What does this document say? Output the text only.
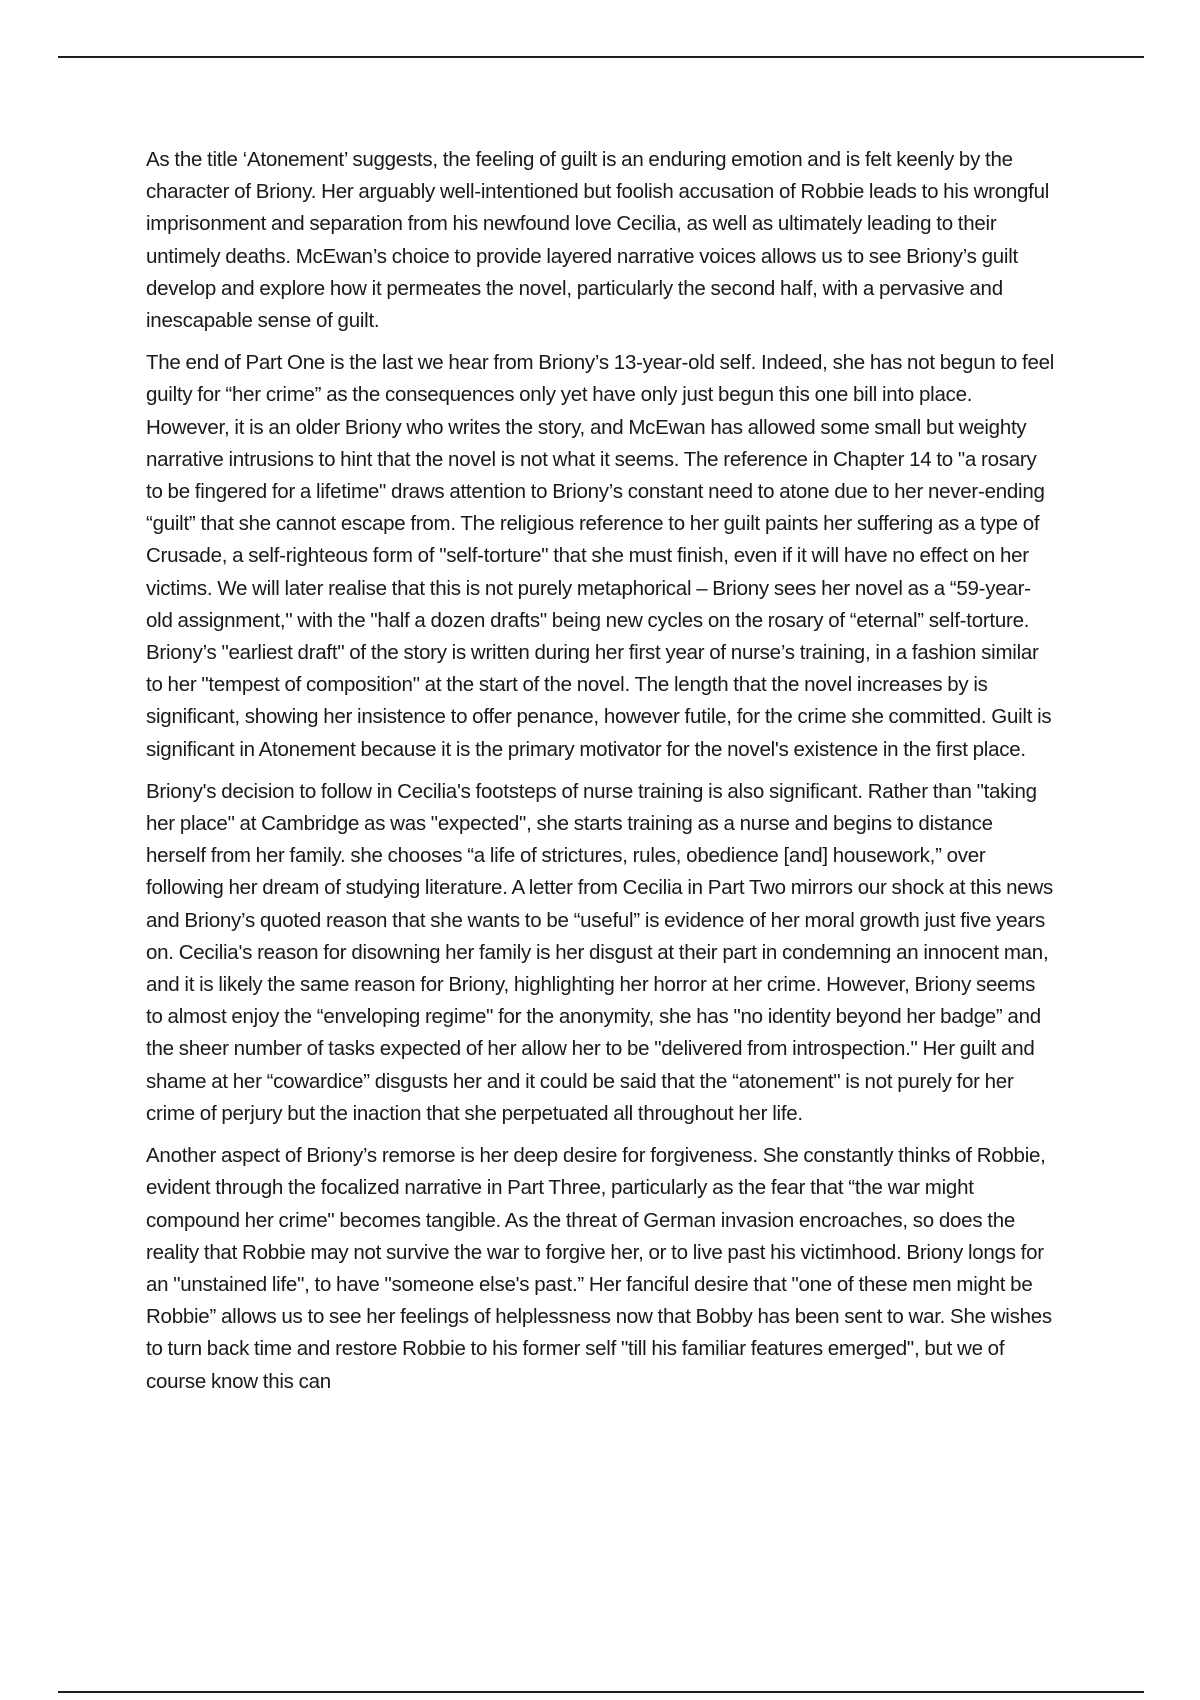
As the title ‘Atonement’ suggests, the feeling of guilt is an enduring emotion and is felt keenly by the character of Briony. Her arguably well-intentioned but foolish accusation of Robbie leads to his wrongful imprisonment and separation from his newfound love Cecilia, as well as ultimately leading to their untimely deaths. McEwan’s choice to provide layered narrative voices allows us to see Briony’s guilt develop and explore how it permeates the novel, particularly the second half, with a pervasive and inescapable sense of guilt.

The end of Part One is the last we hear from Briony’s 13-year-old self. Indeed, she has not begun to feel guilty for “her crime” as the consequences only yet have only just begun this one bill into place. However, it is an older Briony who writes the story, and McEwan has allowed some small but weighty narrative intrusions to hint that the novel is not what it seems. The reference in Chapter 14 to "a rosary to be fingered for a lifetime" draws attention to Briony’s constant need to atone due to her never-ending “guilt” that she cannot escape from. The religious reference to her guilt paints her suffering as a type of Crusade, a self-righteous form of "self-torture" that she must finish, even if it will have no effect on her victims. We will later realise that this is not purely metaphorical – Briony sees her novel as a “59-year-old assignment," with the "half a dozen drafts" being new cycles on the rosary of “eternal” self-torture. Briony’s "earliest draft" of the story is written during her first year of nurse’s training, in a fashion similar to her "tempest of composition" at the start of the novel. The length that the novel increases by is significant, showing her insistence to offer penance, however futile, for the crime she committed. Guilt is significant in Atonement because it is the primary motivator for the novel's existence in the first place.

Briony's decision to follow in Cecilia's footsteps of nurse training is also significant. Rather than "taking her place" at Cambridge as was "expected", she starts training as a nurse and begins to distance herself from her family. she chooses “a life of strictures, rules, obedience [and] housework,” over following her dream of studying literature. A letter from Cecilia in Part Two mirrors our shock at this news and Briony’s quoted reason that she wants to be “useful” is evidence of her moral growth just five years on. Cecilia's reason for disowning her family is her disgust at their part in condemning an innocent man, and it is likely the same reason for Briony, highlighting her horror at her crime. However, Briony seems to almost enjoy the “enveloping regime" for the anonymity, she has "no identity beyond her badge” and the sheer number of tasks expected of her allow her to be "delivered from introspection." Her guilt and shame at her “cowardice” disgusts her and it could be said that the “atonement" is not purely for her crime of perjury but the inaction that she perpetuated all throughout her life.

Another aspect of Briony’s remorse is her deep desire for forgiveness. She constantly thinks of Robbie, evident through the focalized narrative in Part Three, particularly as the fear that “the war might compound her crime" becomes tangible. As the threat of German invasion encroaches, so does the reality that Robbie may not survive the war to forgive her, or to live past his victimhood. Briony longs for an "unstained life", to have "someone else's past.” Her fanciful desire that "one of these men might be Robbie” allows us to see her feelings of helplessness now that Bobby has been sent to war. She wishes to turn back time and restore Robbie to his former self "till his familiar features emerged", but we of course know this can
